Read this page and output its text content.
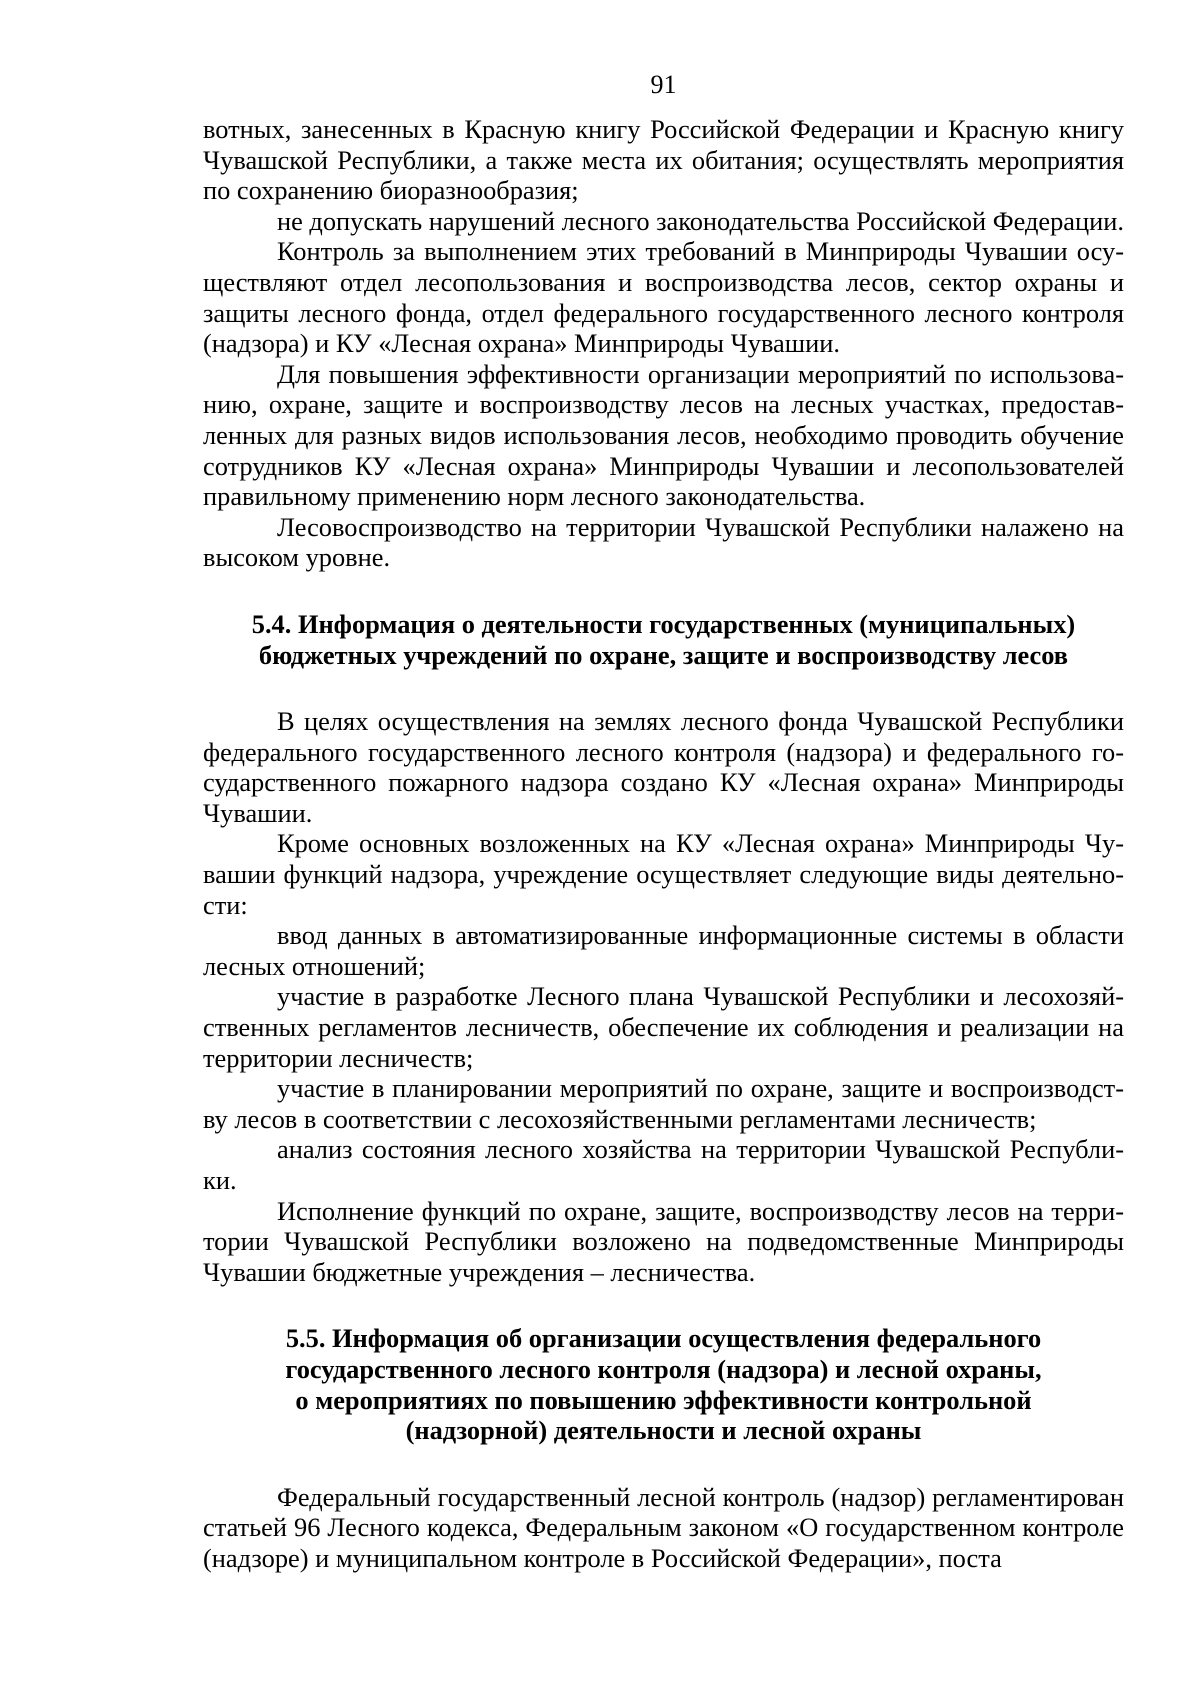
91

вотных, занесенных в Красную книгу Российской Федерации и Красную книгу Чувашской Республики, а также места их обитания; осуществлять мероприятия по сохранению биоразнообразия;

не допускать нарушений лесного законодательства Российской Федерации.

Контроль за выполнением этих требований в Минприроды Чувашии осуществляют отдел лесопользования и воспроизводства лесов, сектор охраны и защиты лесного фонда, отдел федерального государственного лесного контроля (надзора) и КУ «Лесная охрана» Минприроды Чувашии.

Для повышения эффективности организации мероприятий по использованию, охране, защите и воспроизводству лесов на лесных участках, предоставленных для разных видов использования лесов, необходимо проводить обучение сотрудников КУ «Лесная охрана» Минприроды Чувашии и лесопользователей правильному применению норм лесного законодательства.

Лесовоспроизводство на территории Чувашской Республики налажено на высоком уровне.

5.4. Информация о деятельности государственных (муниципальных)
бюджетных учреждений по охране, защите и воспроизводству лесов

В целях осуществления на землях лесного фонда Чувашской Республики федерального государственного лесного контроля (надзора) и федерального государственного пожарного надзора создано КУ «Лесная охрана» Минприроды Чувашии.

Кроме основных возложенных на КУ «Лесная охрана» Минприроды Чувашии функций надзора, учреждение осуществляет следующие виды деятельности:

ввод данных в автоматизированные информационные системы в области лесных отношений;

участие в разработке Лесного плана Чувашской Республики и лесохозяйственных регламентов лесничеств, обеспечение их соблюдения и реализации на территории лесничеств;

участие в планировании мероприятий по охране, защите и воспроизводству лесов в соответствии с лесохозяйственными регламентами лесничеств;

анализ состояния лесного хозяйства на территории Чувашской Республики.

Исполнение функций по охране, защите, воспроизводству лесов на территории Чувашской Республики возложено на подведомственные Минприроды Чувашии бюджетные учреждения – лесничества.

5.5. Информация об организации осуществления федерального
государственного лесного контроля (надзора) и лесной охраны,
о мероприятиях по повышению эффективности контрольной
(надзорной) деятельности и лесной охраны

Федеральный государственный лесной контроль (надзор) регламентирован статьей 96 Лесного кодекса, Федеральным законом «О государственном контроле (надзоре) и муниципальном контроле в Российской Федерации», поста
